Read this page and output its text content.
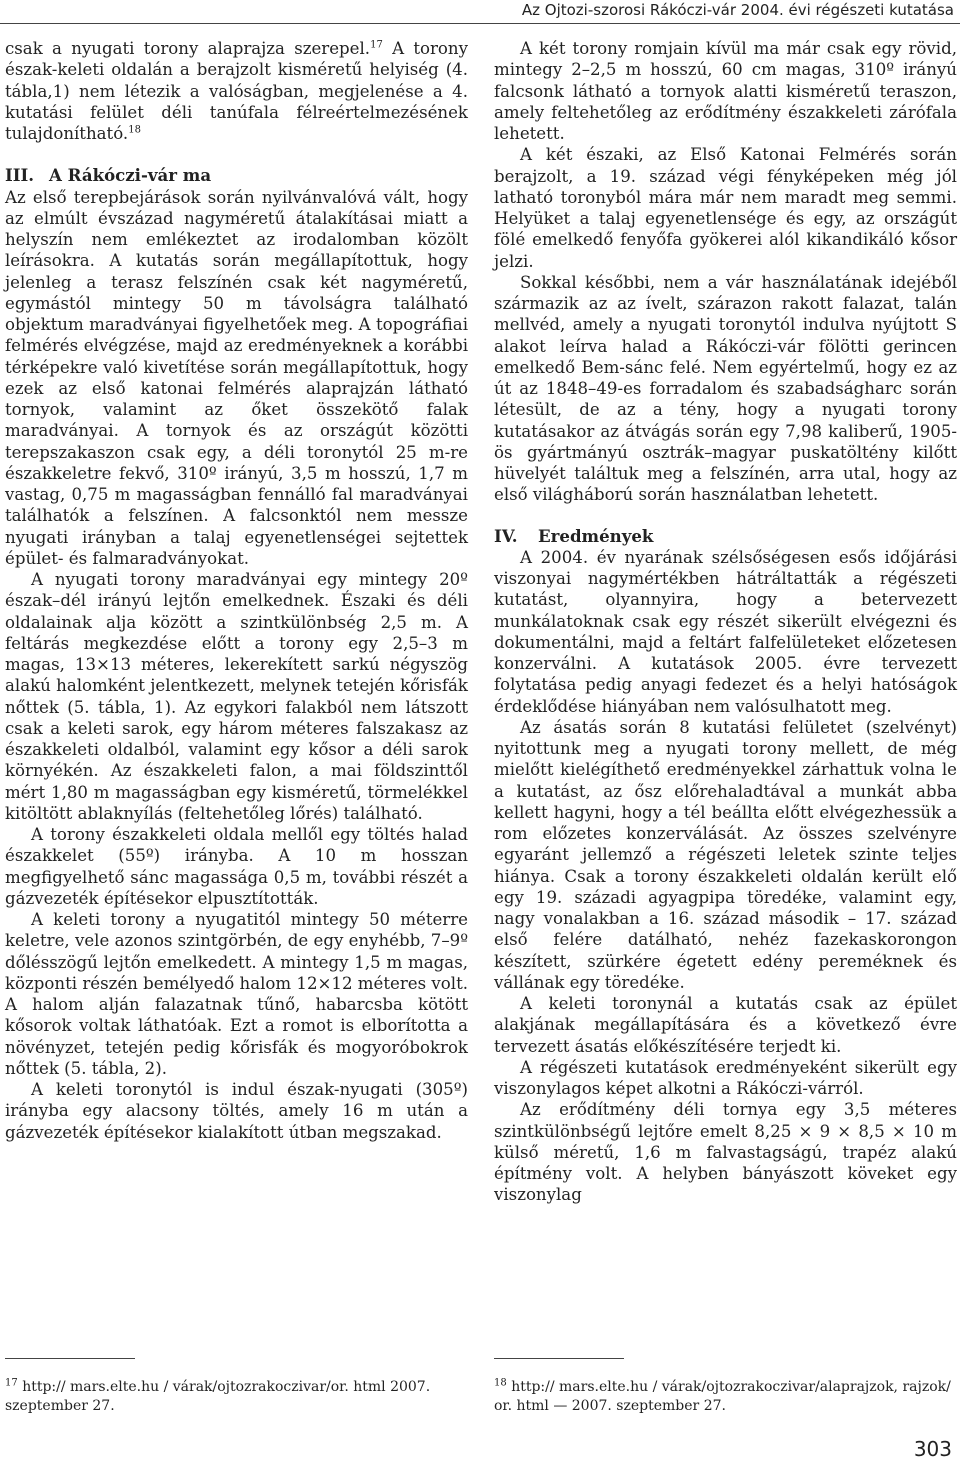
Az Ojtozi-szorosi Rákóczi-vár 2004. évi régészeti kutatása

csak a nyugati torony alaprajza szerepel.$^{17}$ A torony észak-keleti oldalán a berajzolt kisméretű helyiség (4. tábla,1) nem létezik a valóságban, megjelenése a 4. kutatási felület déli tanúfala félreértelmezésének tulajdonítható.$^{18}$

III. A Rákóczi-vár ma

Az első terepbejárások során nyilvánvalóvá vált, hogy az elmúlt évszázad nagyméretű átalakításai miatt a helyszín nem emlékeztet az irodalomban közölt leírásokra. A kutatás során megállapítottuk, hogy jelenleg a terasz felszínén csak két nagyméretű, egymástól mintegy 50 m távolságra található objektum maradványai figyelhetőek meg. A topográfiai felmérés elvégzése, majd az eredményeknek a korábbi térképekre való kivetítése során megállapítottuk, hogy ezek az első katonai felmérés alaprajzán látható tornyok, valamint az őket összekötő falak maradványai. A tornyok és az országút közötti terepszakaszon csak egy, a déli toronytól 25 m-re északkeletre fekvő, 310º irányú, 3,5 m hosszú, 1,7 m vastag, 0,75 m magasságban fennálló fal maradványai találhatók a felszínen. A falcsonktól nem messze nyugati irányban a talaj egyenetlenségei sejtettek épület- és falmaradványokat.

A nyugati torony maradványai egy mintegy 20º észak–dél irányú lejtőn emelkednek. Északi és déli oldalainak alja között a szintkülönbség 2,5 m. A feltárás megkezdése előtt a torony egy 2,5–3 m magas, 13×13 méteres, lekerekített sarkú négyszög alakú halomként jelentkezett, melynek tetején kőrisfák nőttek (5. tábla, 1). Az egykori falakból nem látszott csak a keleti sarok, egy három méteres falszakasz az északkeleti oldalból, valamint egy kősor a déli sarok környékén. Az északkeleti falon, a mai földszinttől mért 1,80 m magasságban egy kisméretű, törmelékkel kitöltött ablaknyílás (feltehetőleg lőrés) található.

A torony északkeleti oldala mellől egy töltés halad északkelet (55º) irányba. A 10 m hosszan megfigyelhető sánc magassága 0,5 m, további részét a gázvezeték építésekor elpusztították.

A keleti torony a nyugatitól mintegy 50 méterre keletre, vele azonos szintgörbén, de egy enyhébb, 7–9º dőlésszögű lejtőn emelkedett. A mintegy 1,5 m magas, központi részén bemélyedő halom 12×12 méteres volt. A halom alján falazatnak tűnő, habarcsba kötött kősorok voltak láthatóak. Ezt a romot is elborította a növényzet, tetején pedig kőrisfák és mogyoróbokrok nőttek (5. tábla, 2).

A keleti toronytól is indul észak-nyugati (305º) irányba egy alacsony töltés, amely 16 m után a gázvezeték építésekor kialakított útban megszakad.

A két torony romjain kívül ma már csak egy rövid, mintegy 2–2,5 m hosszú, 60 cm magas, 310º irányú falcsonk látható a tornyok alatti kisméretű teraszon, amely feltehetőleg az erődítmény északkeleti zárófala lehetett.

A két északi, az Első Katonai Felmérés során berajzolt, a 19. század végi fényképeken még jól latható toronyból mára már nem maradt meg semmi. Helyüket a talaj egyenetlensége és egy, az országút fölé emelkedő fenyőfa gyökerei alól kikandikáló kősor jelzi.

Sokkal későbbi, nem a vár használatának idejéből származik az az ívelt, szárazon rakott falazat, talán mellvéd, amely a nyugati toronytól indulva nyújtott S alakot leírva halad a Rákóczi-vár fölötti gerincen emelkedő Bem-sánc felé. Nem egyértelmű, hogy ez az út az 1848–49-es forradalom és szabadságharc során létesült, de az a tény, hogy a nyugati torony kutatásakor az átvágás során egy 7,98 kaliberű, 1905-ös gyártmányú osztrák–magyar puskatöltény kilőtt hüvelyét találtuk meg a felszínén, arra utal, hogy az első világháború során használatban lehetett.

IV. Eredmények

A 2004. év nyarának szélsőségesen esős időjárási viszonyai nagymértékben hátráltatták a régészeti kutatást, olyannyira, hogy a betervezett munkálatoknak csak egy részét sikerült elvégezni és dokumentálni, majd a feltárt falfelületeket előzetesen konzerválni. A kutatások 2005. évre tervezett folytatása pedig anyagi fedezet és a helyi hatóságok érdeklődése hiányában nem valósulhatott meg.

Az ásatás során 8 kutatási felületet (szelvényt) nyitottunk meg a nyugati torony mellett, de még mielőtt kielégíthető eredményekkel zárhattuk volna le a kutatást, az ősz előrehaladtával a munkát abba kellett hagyni, hogy a tél beállta előtt elvégezhessük a rom előzetes konzerválását. Az összes szelvényre egyaránt jellemző a régészeti leletek szinte teljes hiánya. Csak a torony északkeleti oldalán került elő egy 19. századi agyagpipa töredéke, valamint egy, nagy vonalakban a 16. század második – 17. század első felére datálható, nehéz fazekaskorongon készített, szürkére égetett edény pereméknek és vállának egy töredéke.

A keleti toronynál a kutatás csak az épület alakjának megállapítására és a következő évre tervezett ásatás előkészítésére terjedt ki.

A régészeti kutatások eredményeként sikerült egy viszonylagos képet alkotni a Rákóczi-várról.

Az erődítmény déli tornya egy 3,5 méteres szintkülönbségű lejtőre emelt 8,25 × 9 × 8,5 × 10 m külső méretű, 1,6 m falvastagságú, trapéz alakú építmény volt. A helyben bányászott köveket egy viszonylag

$^{17}$ http:// mars.elte.hu / várak/ojtozrakoczivar/or. html 2007. szeptember 27.
$^{18}$ http:// mars.elte.hu / várak/ojtozrakoczivar/alaprajzok, rajzok/ or. html — 2007. szeptember 27.
303
